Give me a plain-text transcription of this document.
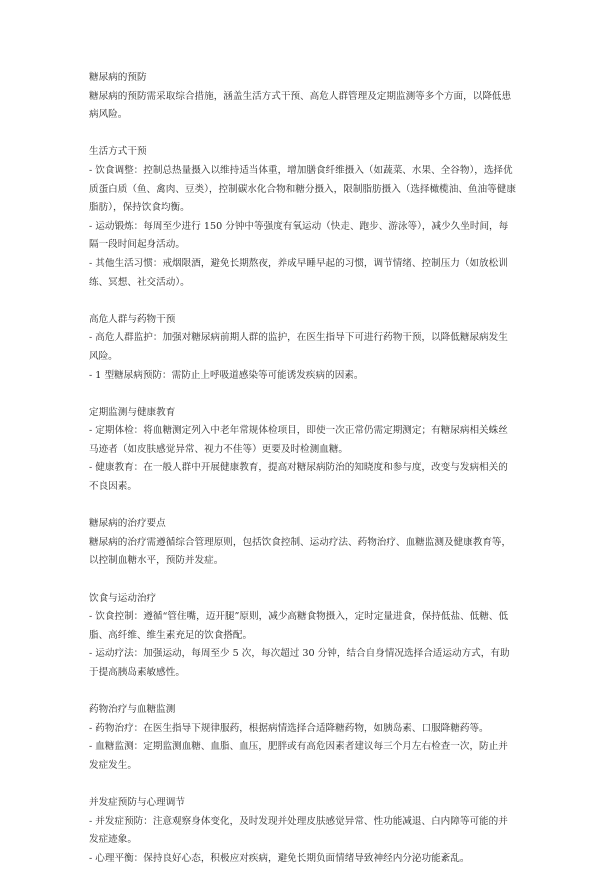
糖尿病的预防

糖尿病的预防需采取综合措施，涵盖生活方式干预、高危人群管理及定期监测等多个方面，以降低患病风险。

生活方式干预
- 饮食调整：控制总热量摄入以维持适当体重，增加膳食纤维摄入（如蔬菜、水果、全谷物），选择优质蛋白质（鱼、禽肉、豆类），控制碳水化合物和糖分摄入，限制脂肪摄入（选择橄榄油、鱼油等健康脂肪），保持饮食均衡。
- 运动锻炼：每周至少进行 150 分钟中等强度有氧运动（快走、跑步、游泳等），减少久坐时间，每隔一段时间起身活动。
- 其他生活习惯：戒烟限酒，避免长期熬夜，养成早睡早起的习惯，调节情绪、控制压力（如放松训练、冥想、社交活动）。
高危人群与药物干预
- 高危人群监护：加强对糖尿病前期人群的监护，在医生指导下可进行药物干预，以降低糖尿病发生风险。
- 1 型糖尿病预防：需防止上呼吸道感染等可能诱发疾病的因素。
定期监测与健康教育
- 定期体检：将血糖测定列入中老年常规体检项目，即使一次正常仍需定期测定；有糖尿病相关蛛丝马迹者（如皮肤感觉异常、视力不佳等）更要及时检测血糖。
- 健康教育：在一般人群中开展健康教育，提高对糖尿病防治的知晓度和参与度，改变与发病相关的不良因素。
糖尿病的治疗要点

糖尿病的治疗需遵循综合管理原则，包括饮食控制、运动疗法、药物治疗、血糖监测及健康教育等，以控制血糖水平，预防并发症。

饮食与运动治疗
- 饮食控制：遵循“管住嘴，迈开腿”原则，减少高糖食物摄入，定时定量进食，保持低盐、低糖、低脂、高纤维、维生素充足的饮食搭配。
- 运动疗法：加强运动，每周至少 5 次，每次超过 30 分钟，结合自身情况选择合适运动方式，有助于提高胰岛素敏感性。
药物治疗与血糖监测
- 药物治疗：在医生指导下规律服药，根据病情选择合适降糖药物，如胰岛素、口服降糖药等。
- 血糖监测：定期监测血糖、血脂、血压，肥胖或有高危因素者建议每三个月左右检查一次，防止并发症发生。
并发症预防与心理调节
- 并发症预防：注意观察身体变化，及时发现并处理皮肤感觉异常、性功能减退、白内障等可能的并发症迹象。
- 心理平衡：保持良好心态，积极应对疾病，避免长期负面情绪导致神经内分泌功能紊乱。
